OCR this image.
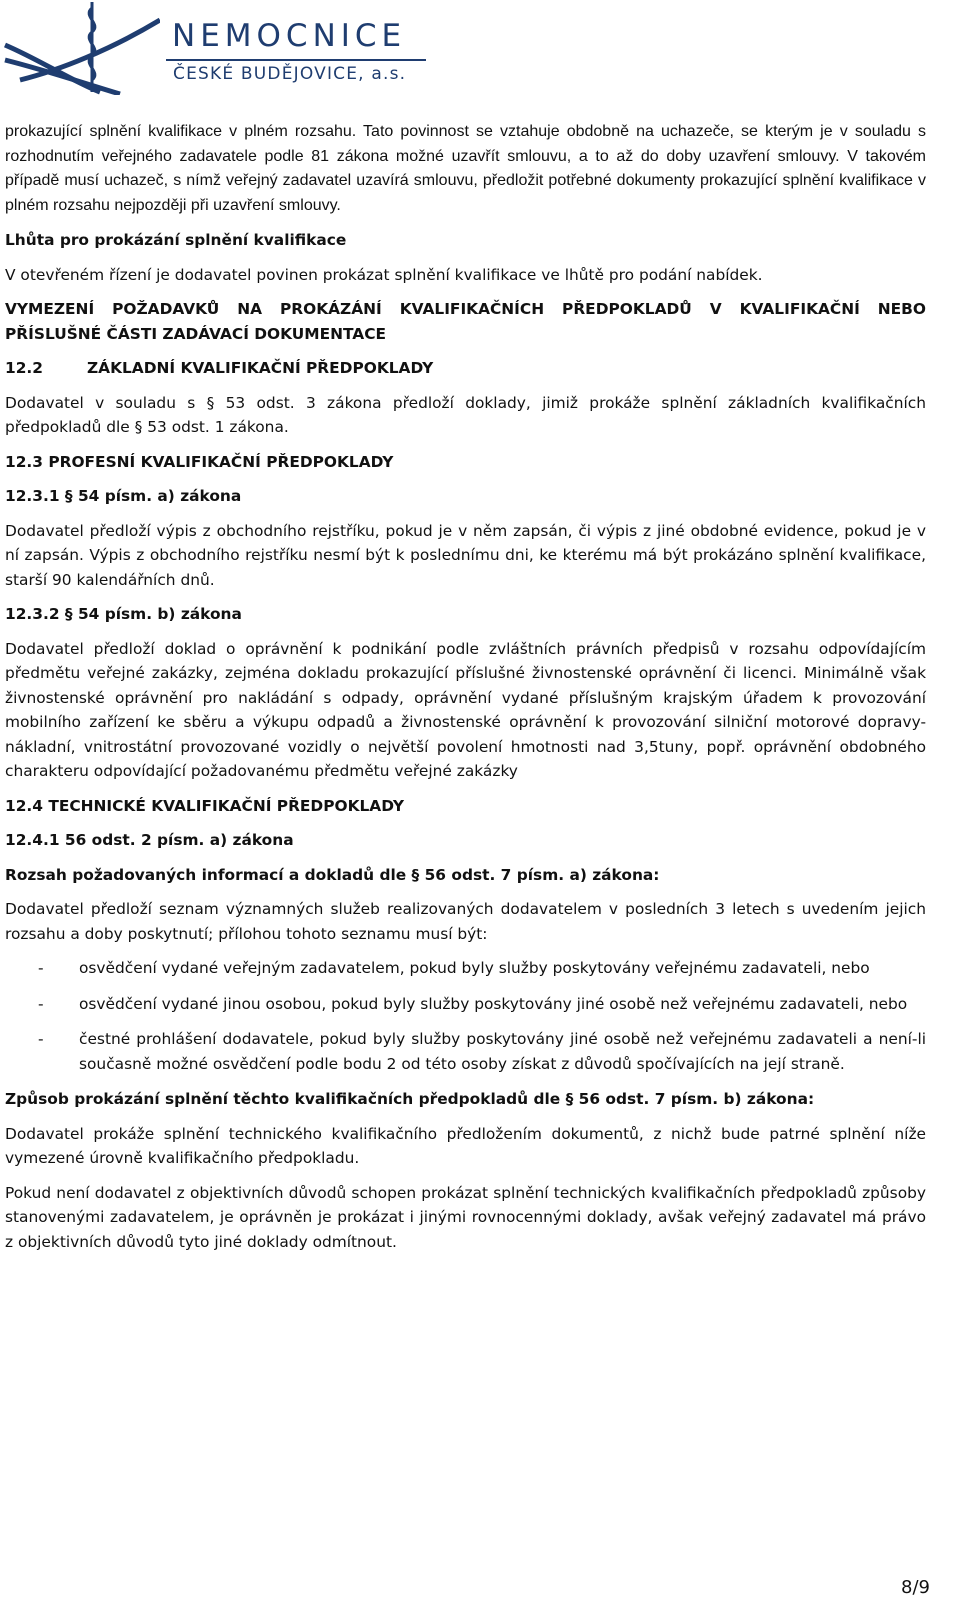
NEMOCNICE
ČESKÉ BUDĚJOVICE, a.s.

prokazující splnění kvalifikace v plném rozsahu. Tato povinnost se vztahuje obdobně na uchazeče, se kterým je v souladu s rozhodnutím veřejného zadavatele podle 81 zákona možné uzavřít smlouvu, a to až do doby uzavření smlouvy. V takovém případě musí uchazeč, s nímž veřejný zadavatel uzavírá smlouvu, předložit potřebné dokumenty prokazující splnění kvalifikace v plném rozsahu nejpozději při uzavření smlouvy.

Lhůta pro prokázání splnění kvalifikace

V otevřeném řízení je dodavatel povinen prokázat splnění kvalifikace ve lhůtě pro podání nabídek.

VYMEZENÍ POŽADAVKŮ NA PROKÁZÁNÍ KVALIFIKAČNÍCH PŘEDPOKLADŮ V KVALIFIKAČNÍ NEBO PŘÍSLUŠNÉ ČÁSTI ZADÁVACÍ DOKUMENTACE
12.2	ZÁKLADNÍ KVALIFIKAČNÍ PŘEDPOKLADY

Dodavatel v souladu s § 53 odst. 3 zákona předloží doklady, jimiž prokáže splnění základních kvalifikačních předpokladů dle § 53 odst. 1 zákona.

12.3 PROFESNÍ KVALIFIKAČNÍ PŘEDPOKLADY
12.3.1 § 54 písm. a) zákona

Dodavatel předloží výpis z obchodního rejstříku, pokud je v něm zapsán, či výpis z jiné obdobné evidence, pokud je v ní zapsán. Výpis z obchodního rejstříku nesmí být k poslednímu dni, ke kterému má být prokázáno splnění kvalifikace, starší 90 kalendářních dnů.

12.3.2 § 54 písm. b) zákona

Dodavatel předloží doklad o oprávnění k podnikání podle zvláštních právních předpisů v rozsahu odpovídajícím předmětu veřejné zakázky, zejména dokladu prokazující příslušné živnostenské oprávnění či licenci. Minimálně však živnostenské oprávnění pro nakládání s odpady, oprávnění vydané příslušným krajským úřadem k provozování mobilního zařízení ke sběru a výkupu odpadů a živnostenské oprávnění k provozování silniční motorové dopravy-nákladní, vnitrostátní provozované vozidly o největší povolení hmotnosti nad 3,5tuny, popř. oprávnění obdobného charakteru odpovídající požadovanému předmětu veřejné zakázky

12.4 TECHNICKÉ KVALIFIKAČNÍ PŘEDPOKLADY
12.4.1 56 odst. 2 písm. a) zákona
Rozsah požadovaných informací a dokladů dle § 56 odst. 7 písm. a) zákona:

Dodavatel předloží seznam významných služeb realizovaných dodavatelem v posledních 3 letech s uvedením jejich rozsahu a doby poskytnutí; přílohou tohoto seznamu musí být:

- osvědčení vydané veřejným zadavatelem, pokud byly služby poskytovány veřejnému zadavateli, nebo
- osvědčení vydané jinou osobou, pokud byly služby poskytovány jiné osobě než veřejnému zadavateli, nebo
- čestné prohlášení dodavatele, pokud byly služby poskytovány jiné osobě než veřejnému zadavateli a není-li současně možné osvědčení podle bodu 2 od této osoby získat z důvodů spočívajících na její straně.
Způsob prokázání splnění těchto kvalifikačních předpokladů dle § 56 odst. 7 písm. b) zákona:

Dodavatel prokáže splnění technického kvalifikačního předložením dokumentů, z nichž bude patrné splnění níže vymezené úrovně kvalifikačního předpokladu.

Pokud není dodavatel z objektivních důvodů schopen prokázat splnění technických kvalifikačních předpokladů způsoby stanovenými zadavatelem, je oprávněn je prokázat i jinými rovnocennými doklady, avšak veřejný zadavatel má právo z objektivních důvodů tyto jiné doklady odmítnout.

8/9
